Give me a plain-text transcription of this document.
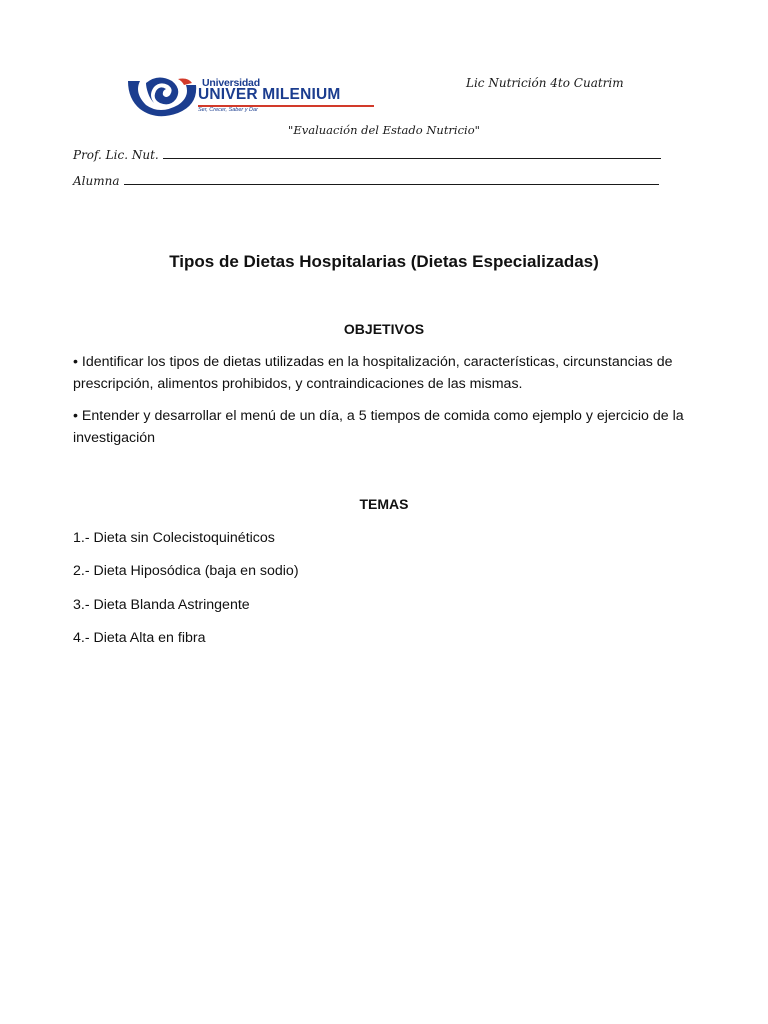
Universidad
UNIVER MILENIUM
Ser, Crecer, Saber y Dar
Lic Nutrición 4to Cuatrim
"Evaluación del Estado Nutricio"
Prof. Lic. Nut.
Alumna
Tipos de Dietas Hospitalarias (Dietas Especializadas)
OBJETIVOS
• Identificar los tipos de dietas utilizadas en la hospitalización, características, circunstancias de prescripción, alimentos prohibidos, y contraindicaciones de las mismas.
• Entender y desarrollar el menú de un día, a 5 tiempos de comida como ejemplo y ejercicio de la investigación
TEMAS
1.- Dieta sin Colecistoquinéticos
2.- Dieta Hiposódica (baja en sodio)
3.- Dieta Blanda Astringente
4.- Dieta Alta en fibra
